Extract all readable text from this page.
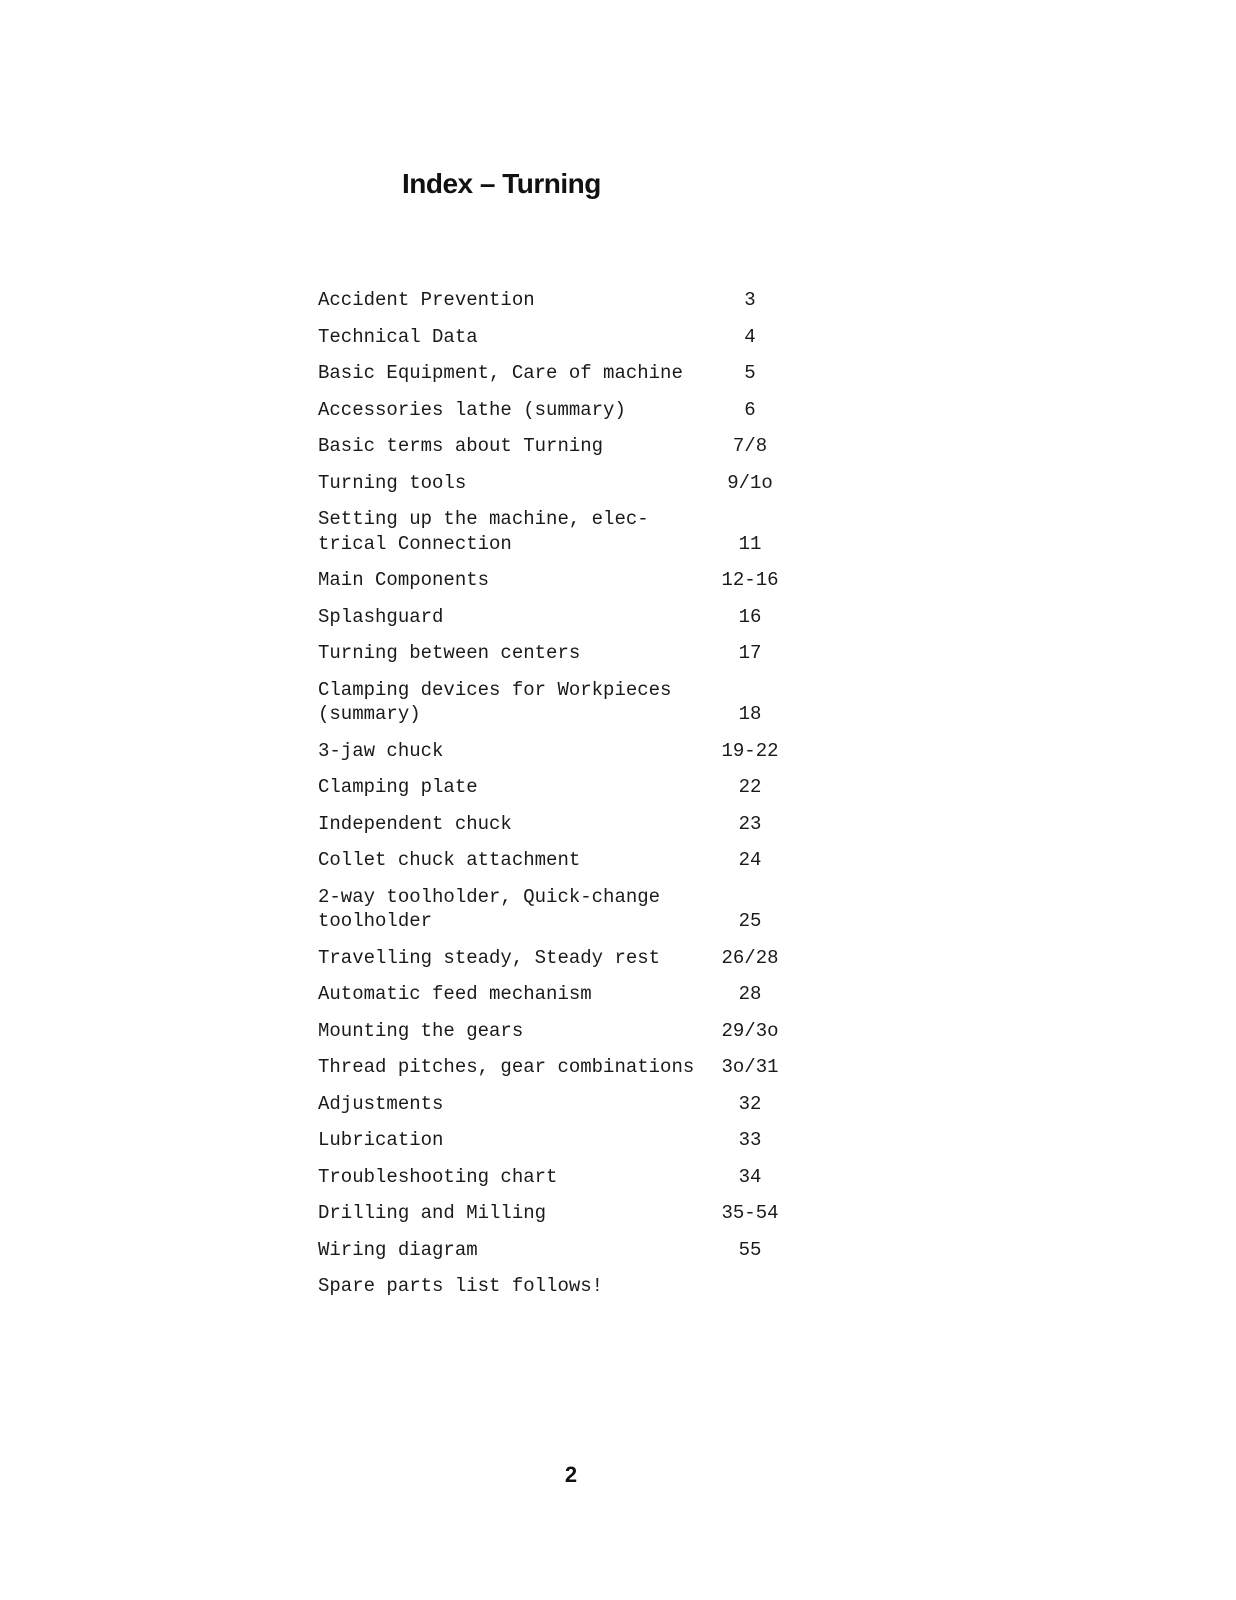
Index – Turning
Accident Prevention	3
Technical Data	4
Basic Equipment, Care of machine	5
Accessories lathe (summary)	6
Basic terms about Turning	7/8
Turning tools	9/1o
Setting up the machine, elec-
trical Connection	11
Main Components	12-16
Splashguard	16
Turning between centers	17
Clamping devices for Workpieces
(summary)	18
3-jaw chuck	19-22
Clamping plate	22
Independent chuck	23
Collet chuck attachment	24
2-way toolholder, Quick-change
toolholder	25
Travelling steady, Steady rest	26/28
Automatic feed mechanism	28
Mounting the gears	29/3o
Thread pitches, gear combinations	3o/31
Adjustments	32
Lubrication	33
Troubleshooting chart	34
Drilling and Milling	35-54
Wiring diagram	55
Spare parts list follows!
2
